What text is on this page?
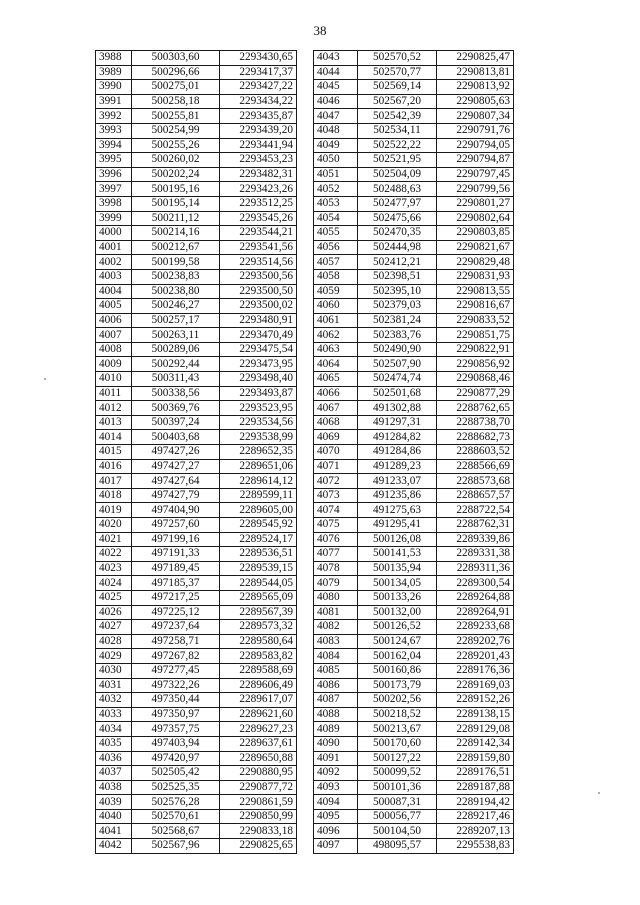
38
3988	500303,60	2293430,65
3989	500296,66	2293417,37
3990	500275,01	2293427,22
3991	500258,18	2293434,22
3992	500255,81	2293435,87
3993	500254,99	2293439,20
3994	500255,26	2293441,94
3995	500260,02	2293453,23
3996	500202,24	2293482,31
3997	500195,16	2293423,26
3998	500195,14	2293512,25
3999	500211,12	2293545,26
4000	500214,16	2293544,21
4001	500212,67	2293541,56
4002	500199,58	2293514,56
4003	500238,83	2293500,56
4004	500238,80	2293500,50
4005	500246,27	2293500,02
4006	500257,17	2293480,91
4007	500263,11	2293470,49
4008	500289,06	2293475,54
4009	500292,44	2293473,95
4010	500311,43	2293498,40
4011	500338,56	2293493,87
4012	500369,76	2293523,95
4013	500397,24	2293534,56
4014	500403,68	2293538,99
4015	497427,26	2289652,35
4016	497427,27	2289651,06
4017	497427,64	2289614,12
4018	497427,79	2289599,11
4019	497404,90	2289605,00
4020	497257,60	2289545,92
4021	497199,16	2289524,17
4022	497191,33	2289536,51
4023	497189,45	2289539,15
4024	497185,37	2289544,05
4025	497217,25	2289565,09
4026	497225,12	2289567,39
4027	497237,64	2289573,32
4028	497258,71	2289580,64
4029	497267,82	2289583,82
4030	497277,45	2289588,69
4031	497322,26	2289606,49
4032	497350,44	2289617,07
4033	497350,97	2289621,60
4034	497357,75	2289627,23
4035	497403,94	2289637,61
4036	497420,97	2289650,88
4037	502505,42	2290880,95
4038	502525,35	2290877,72
4039	502576,28	2290861,59
4040	502570,61	2290850,99
4041	502568,67	2290833,18
4042	502567,96	2290825,65
4043	502570,52	2290825,47
4044	502570,77	2290813,81
4045	502569,14	2290813,92
4046	502567,20	2290805,63
4047	502542,39	2290807,34
4048	502534,11	2290791,76
4049	502522,22	2290794,05
4050	502521,95	2290794,87
4051	502504,09	2290797,45
4052	502488,63	2290799,56
4053	502477,97	2290801,27
4054	502475,66	2290802,64
4055	502470,35	2290803,85
4056	502444,98	2290821,67
4057	502412,21	2290829,48
4058	502398,51	2290831,93
4059	502395,10	2290813,55
4060	502379,03	2290816,67
4061	502381,24	2290833,52
4062	502383,76	2290851,75
4063	502490,90	2290822,91
4064	502507,90	2290856,92
4065	502474,74	2290868,46
4066	502501,68	2290877,29
4067	491302,88	2288762,65
4068	491297,31	2288738,70
4069	491284,82	2288682,73
4070	491284,86	2288603,52
4071	491289,23	2288566,69
4072	491233,07	2288573,68
4073	491235,86	2288657,57
4074	491275,63	2288722,54
4075	491295,41	2288762,31
4076	500126,08	2289339,86
4077	500141,53	2289331,38
4078	500135,94	2289311,36
4079	500134,05	2289300,54
4080	500133,26	2289264,88
4081	500132,00	2289264,91
4082	500126,52	2289233,68
4083	500124,67	2289202,76
4084	500162,04	2289201,43
4085	500160,86	2289176,36
4086	500173,79	2289169,03
4087	500202,56	2289152,26
4088	500218,52	2289138,15
4089	500213,67	2289129,08
4090	500170,60	2289142,34
4091	500127,22	2289159,80
4092	500099,52	2289176,51
4093	500101,36	2289187,88
4094	500087,31	2289194,42
4095	500056,77	2289217,46
4096	500104,50	2289207,13
4097	498095,57	2295538,83
